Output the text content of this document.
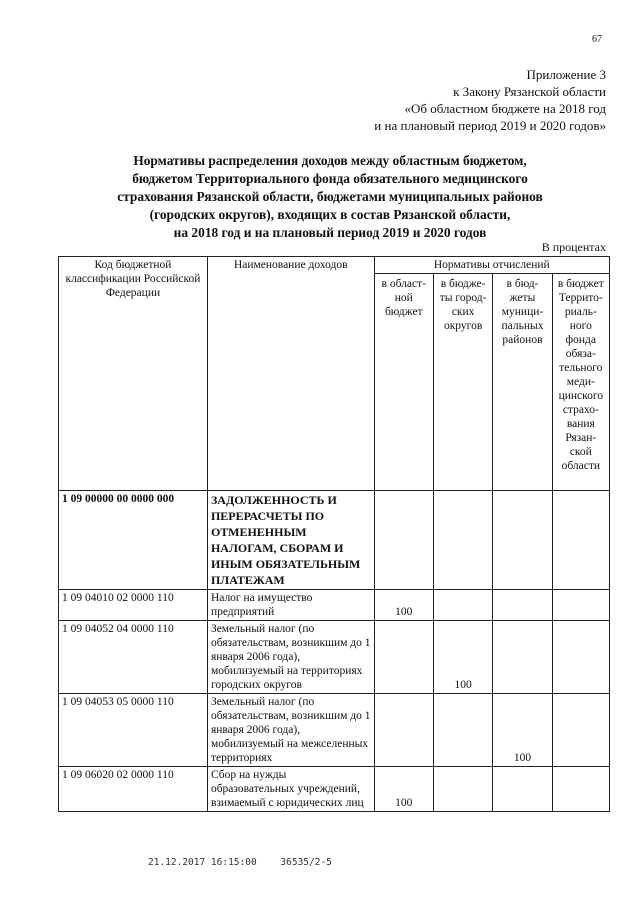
67
Приложение 3
к Закону Рязанской области
«Об областном бюджете на 2018 год
и на плановый период 2019 и 2020 годов»
Нормативы распределения доходов между областным бюджетом,
бюджетом Территориального фонда обязательного медицинского
страхования Рязанской области, бюджетами муниципальных районов
(городских округов), входящих в состав Рязанской области,
на 2018 год и на плановый период 2019 и 2020 годов
В процентах
Код бюджетной классификации Российской Федерации	Наименование доходов	Нормативы отчислений			
		в област-ной бюджет	в бюдже-ты город-ских округов	в бюд-жеты муници-пальных районов	в бюджет Террито-риаль-ного фонда обяза-тельного меди-цинского страхо-вания Рязан-ской области
1 09 00000 00 0000 000	ЗАДОЛЖЕННОСТЬ И ПЕРЕРАСЧЕТЫ ПО ОТМЕНЕННЫМ НАЛОГАМ, СБОРАМ И ИНЫМ ОБЯЗАТЕЛЬНЫМ ПЛАТЕЖАМ				
1 09 04010 02 0000 110	Налог на имущество предприятий	100			
1 09 04052 04 0000 110	Земельный налог (по обязательствам, возникшим до 1 января 2006 года), мобилизуемый на территориях городских округов		100		
1 09 04053 05 0000 110	Земельный налог (по обязательствам, возникшим до 1 января 2006 года), мобилизуемый на межселенных территориях			100	
1 09 06020 02 0000 110	Сбор на нужды образовательных учреждений, взимаемый с юридических лиц	100			
21.12.2017 16:15:00 36535/2-5
